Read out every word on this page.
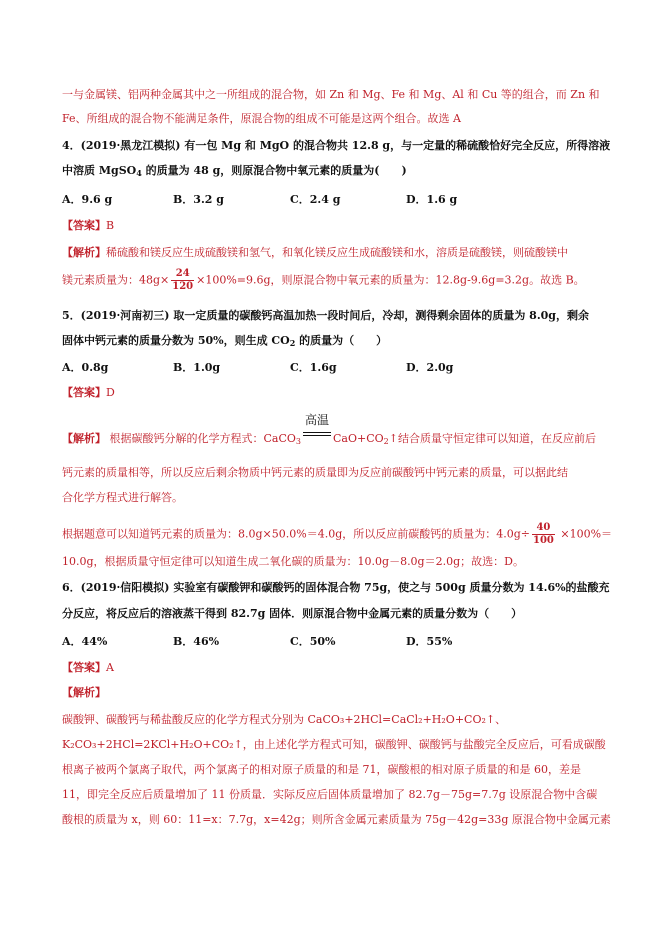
一与金属镁、铝两种金属其中之一所组成的混合物，如 Zn 和 Mg、Fe 和 Mg、Al 和 Cu 等的组合，而 Zn 和
Fe、所组成的混合物不能满足条件，原混合物的组成不可能是这两个组合。故选 A
4．(2019·黑龙江模拟) 有一包 Mg 和 MgO 的混合物共 12.8 g，与一定量的稀硫酸恰好完全反应，所得溶液
中溶质 MgSO$_4$ 的质量为 48 g，则原混合物中氧元素的质量为(　　)
A．9.6 g	B．3.2 g	C．2.4 g	D．1.6 g
【答案】B
【解析】稀硫酸和镁反应生成硫酸镁和氢气，和氧化镁反应生成硫酸镁和水，溶质是硫酸镁，则硫酸镁中
镁元素质量为：$48g\times \frac{24}{120} \times 100\%=9.6g$，则原混合物中氧元素的质量为：12.8g-9.6g=3.2g。故选 B。
5．(2019·河南初三) 取一定质量的碳酸钙高温加热一段时间后，冷却，测得剩余固体的质量为 8.0g，剩余
固体中钙元素的质量分数为 50%，则生成 $CO_2$ 的质量为（　　）
A．0.8g	B．1.0g	C．1.6g	D．2.0g
【答案】D
【解析】 根据碳酸钙分解的化学方程式：CaCO$_3$
高温
$CaO+CO_2↑$结合质量守恒定律可以知道，在反应前后
钙元素的质量相等，所以反应后剩余物质中钙元素的质量即为反应前碳酸钙中钙元素的质量，可以据此结
合化学方程式进行解答。
根据题意可以知道钙元素的质量为：8.0g×50.0%＝4.0g，所以反应前碳酸钙的质量为：$4.0g\div \frac{40}{100} \times 100\%=$
10.0g，根据质量守恒定律可以知道生成二氧化碳的质量为：10.0g－8.0g＝2.0g；故选：D。
6．(2019·信阳模拟) 实验室有碳酸钾和碳酸钙的固体混合物 75g，使之与 500g 质量分数为 14.6%的盐酸充
分反应，将反应后的溶液蒸干得到 82.7g 固体．则原混合物中金属元素的质量分数为（　　）
A．44%	B．46%	C．50%	D．55%
【答案】A
【解析】
碳酸钾、碳酸钙与稀盐酸反应的化学方程式分别为 CaCO₃+2HCl=CaCl₂+H₂O+CO₂↑、
K₂CO₃+2HCl=2KCl+H₂O+CO₂↑，由上述化学方程式可知，碳酸钾、碳酸钙与盐酸完全反应后，可看成碳酸
根离子被两个氯离子取代，两个氯离子的相对原子质量的和是 71，碳酸根的相对原子质量的和是 60，差是
11，即完全反应后质量增加了 11 份质量．实际反应后固体质量增加了 82.7g－75g=7.7g 设原混合物中含碳
酸根的质量为 x，则 60：11=x：7.7g，x=42g；则所含金属元素质量为 75g－42g=33g 原混合物中金属元素
